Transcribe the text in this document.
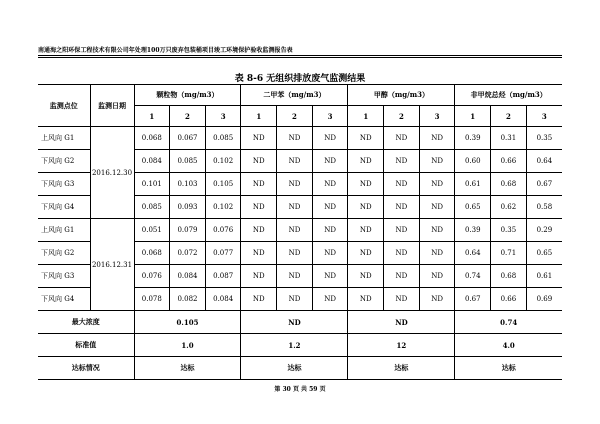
南通海之阳环保工程技术有限公司年处理100万只废弃包装桶项目竣工环境保护验收监测报告表
表 8-6 无组织排放废气监测结果
监测点位	监测日期	颗粒物（mg/m3）			二甲苯（mg/m3）			甲醇（mg/m3）			非甲烷总烃（mg/m3）		
		1	2	3	1	2	3	1	2	3	1	2	3
上风向 G1	2016.12.30	0.068	0.067	0.085	ND	ND	ND	ND	ND	ND	0.39	0.31	0.35
下风向 G2		0.084	0.085	0.102	ND	ND	ND	ND	ND	ND	0.60	0.66	0.64
下风向 G3		0.101	0.103	0.105	ND	ND	ND	ND	ND	ND	0.61	0.68	0.67
下风向 G4		0.085	0.093	0.102	ND	ND	ND	ND	ND	ND	0.65	0.62	0.58
上风向 G1	2016.12.31	0.051	0.079	0.076	ND	ND	ND	ND	ND	ND	0.39	0.35	0.29
下风向 G2		0.068	0.072	0.077	ND	ND	ND	ND	ND	ND	0.64	0.71	0.65
下风向 G3		0.076	0.084	0.087	ND	ND	ND	ND	ND	ND	0.74	0.68	0.61
下风向 G4		0.078	0.082	0.084	ND	ND	ND	ND	ND	ND	0.67	0.66	0.69
最大浓度		0.105			ND			ND			0.74		
标准值		1.0			1.2			12			4.0		
达标情况		达标			达标			达标			达标		
第 30 页 共 59 页
